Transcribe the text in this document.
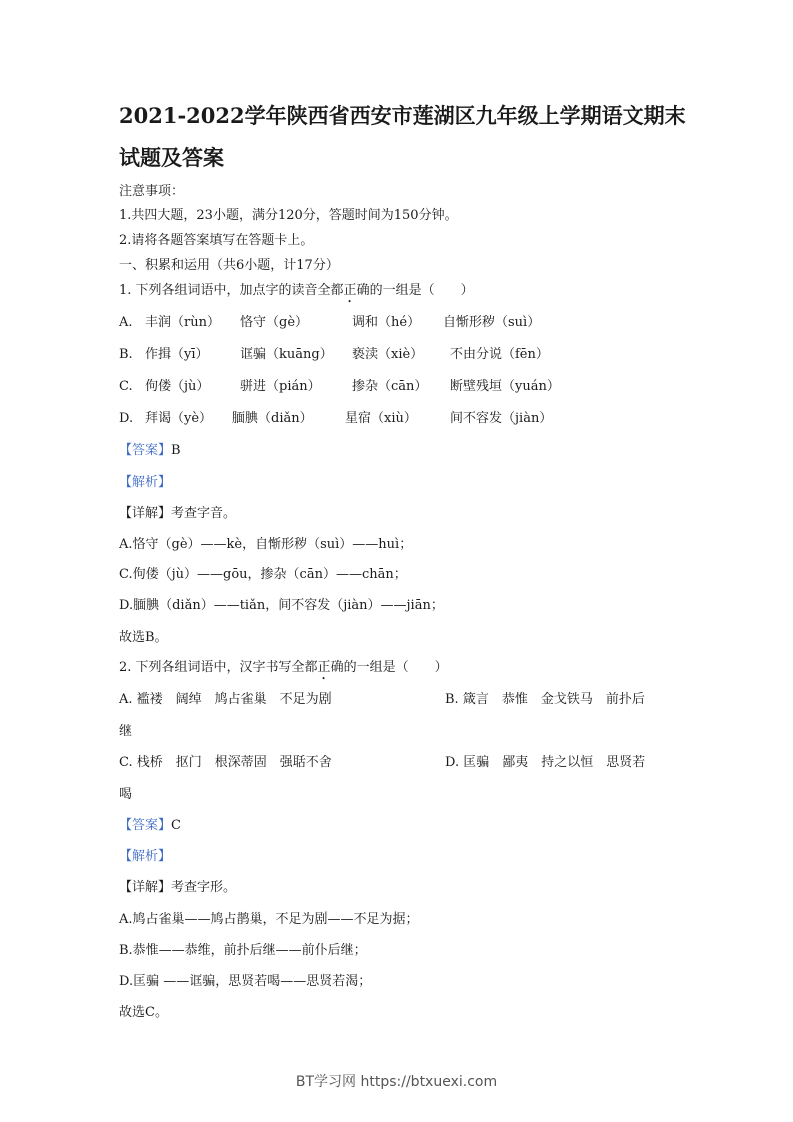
2021-2022学年陕西省西安市莲湖区九年级上学期语文期末
试题及答案
注意事项：
1.共四大题，23小题，满分120分，答题时间为150分钟。
2.请将各题答案填写在答题卡上。
一、积累和运用（共6小题，计17分）
1. 下列各组词语中，加点字的读音全都正确的一组是（　　）
A. 丰润（rùn） 恪守（gè）	调和（hé） 自惭形秽（suì）
B. 作揖（yī） 诓骗（kuāng） 亵渎（xiè） 不由分说（fēn）
C. 佝偻（jù） 骈进（pián） 掺杂（cān） 断壁残垣（yuán）
D. 拜谒（yè） 腼腆（diǎn） 星宿（xiù）	间不容发（jiàn）
【答案】B
【解析】
【详解】考查字音。
A.恪守（gè）——kè，自惭形秽（suì）——huì；
C.佝偻（jù）——gōu，掺杂（cān）——chān；
D.腼腆（diǎn）——tiǎn，间不容发（jiàn）——jiān；
故选B。
2. 下列各组词语中，汉字书写全都正确的一组是（　　）
A. 褴褛　阔绰　鸠占雀巢　不足为剧	B. 箴言　恭惟　金戈铁马　前扑后
继
C. 栈桥　抠门　根深蒂固　强聒不舍	D. 匡骗　鄙夷　持之以恒　思贤若
喝
【答案】C
【解析】
【详解】考查字形。
A.鸠占雀巢——鸠占鹊巢，不足为剧——不足为据；
B.恭惟——恭维，前扑后继——前仆后继；
D.匡骗 ——诓骗，思贤若喝——思贤若渴；
故选C。
BT学习网 https://btxuexi.com
